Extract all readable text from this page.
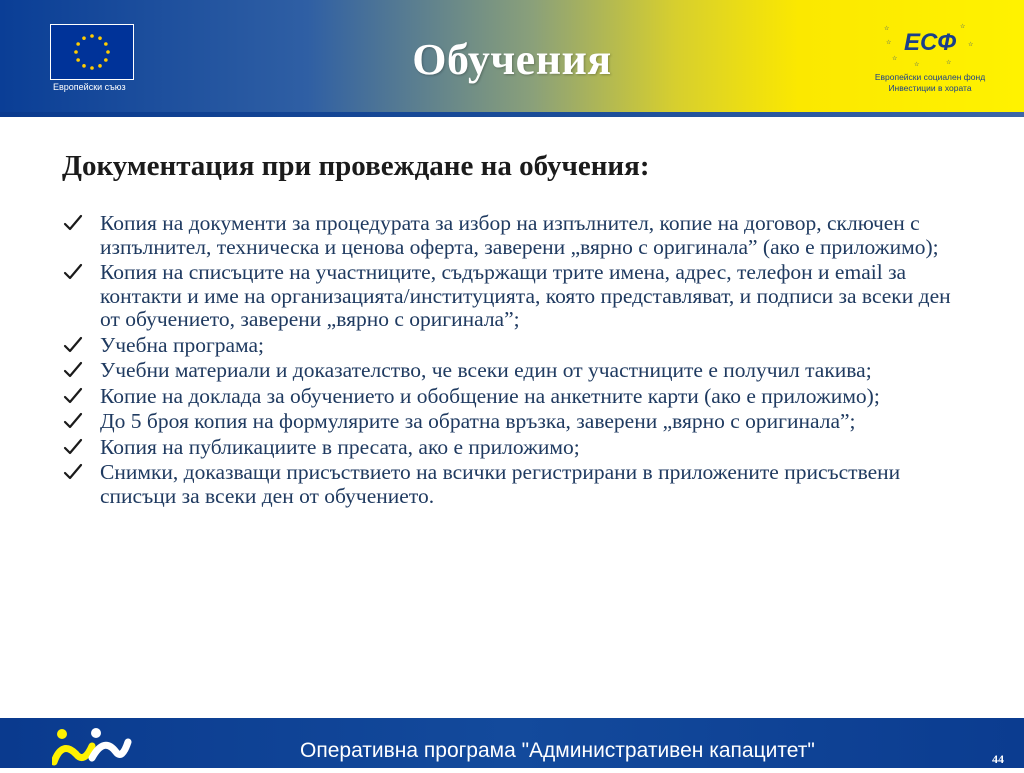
Европейски съюз
Обучения
☆	☆
☆
☆
☆	☆
☆ ЕСФ
Европейски социален фонд
Инвестиции в хората
Документация при провеждане на обучения:
Копия на документи за процедурата за избор на изпълнител, копие на договор, сключен с изпълнител, техническа и ценова оферта, заверени „вярно с оригинала” (ако е приложимо);
Копия на списъците на участниците, съдържащи трите имена, адрес, телефон и email за контакти и име на организацията/институцията, която представляват, и подписи за всеки ден от обучението, заверени „вярно с оригинала”;
Учебна програма;
Учебни материали и доказателство, че всеки един от участниците е получил такива;
Копие на доклада за обучението и обобщение на анкетните карти (ако е приложимо);
До 5 броя копия на формулярите за обратна връзка, заверени „вярно с оригинала”;
Копия на публикациите в пресата, ако е приложимо;
Снимки, доказващи присъствието на всички регистрирани в приложените присъствени списъци за всеки ден от обучението.
Оперативна програма "Административен капацитет"	44
